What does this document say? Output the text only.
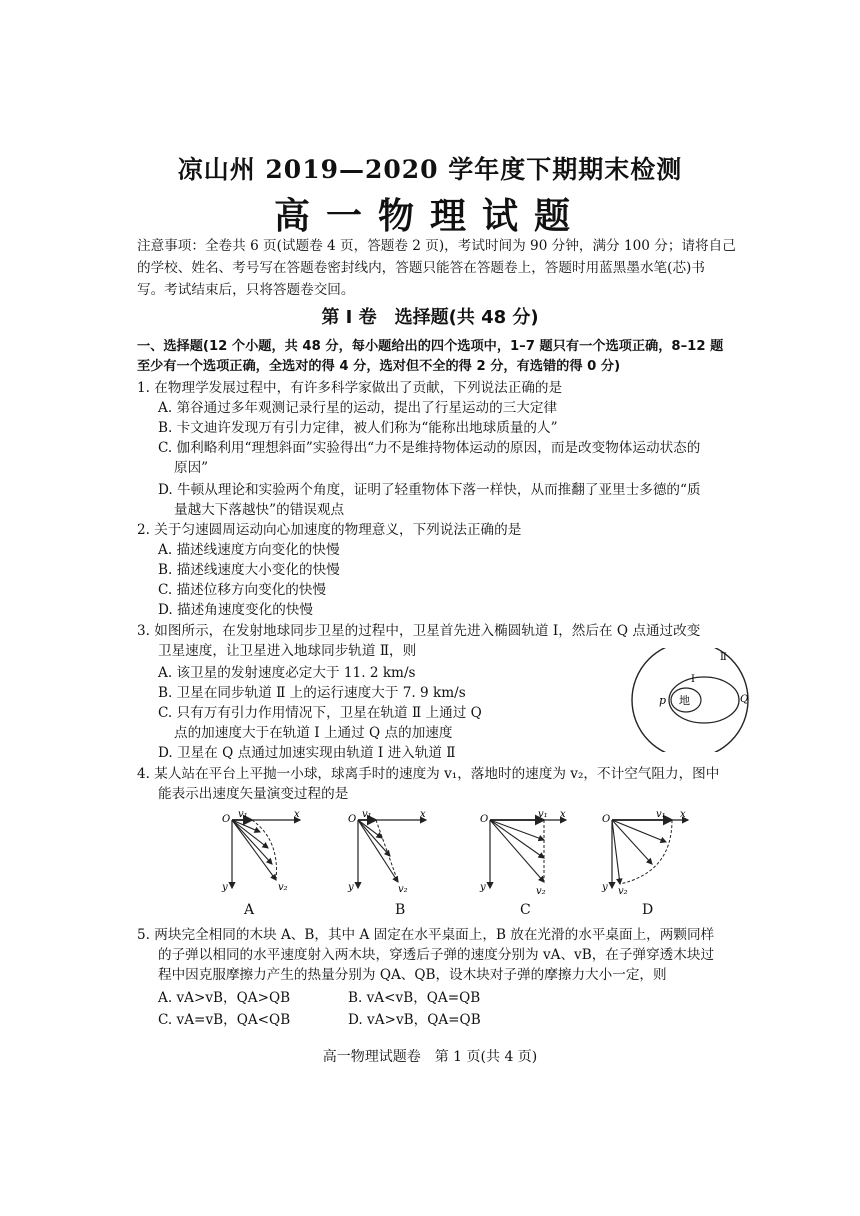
凉山州 2019—2020 学年度下期期末检测
高一物理试题
注意事项：全卷共 6 页(试题卷 4 页，答题卷 2 页)，考试时间为 90 分钟，满分 100 分；请将自己
的学校、姓名、考号写在答题卷密封线内，答题只能答在答题卷上，答题时用蓝黑墨水笔(芯)书
写。考试结束后，只将答题卷交回。
第 Ⅰ 卷　选择题(共 48 分)
一、选择题(12 个小题，共 48 分，每小题给出的四个选项中，1–7 题只有一个选项正确，8–12 题
至少有一个选项正确，全选对的得 4 分，选对但不全的得 2 分，有选错的得 0 分)
1. 在物理学发展过程中，有许多科学家做出了贡献，下列说法正确的是
A. 第谷通过多年观测记录行星的运动，提出了行星运动的三大定律
B. 卡文迪许发现万有引力定律，被人们称为“能称出地球质量的人”
C. 伽利略利用“理想斜面”实验得出“力不是维持物体运动的原因，而是改变物体运动状态的
原因”
D. 牛顿从理论和实验两个角度，证明了轻重物体下落一样快，从而推翻了亚里士多德的“质
量越大下落越快”的错误观点
2. 关于匀速圆周运动向心加速度的物理意义，下列说法正确的是
A. 描述线速度方向变化的快慢
B. 描述线速度大小变化的快慢
C. 描述位移方向变化的快慢
D. 描述角速度变化的快慢
3. 如图所示，在发射地球同步卫星的过程中，卫星首先进入椭圆轨道 I，然后在 Q 点通过改变
卫星速度，让卫星进入地球同步轨道 Ⅱ，则
A. 该卫星的发射速度必定大于 11. 2 km/s
B. 卫星在同步轨道 Ⅱ 上的运行速度大于 7. 9 km/s
C. 只有万有引力作用情况下，卫星在轨道 Ⅱ 上通过 Q
点的加速度大于在轨道 I 上通过 Q 点的加速度
D. 卫星在 Q 点通过加速实现由轨道 I 进入轨道 Ⅱ
地
I
Ⅱ
p	Q
4. 某人站在平台上平抛一小球，球离手时的速度为 v₁，落地时的速度为 v₂，不计空气阻力，图中
能表示出速度矢量演变过程的是
O v₁	x
y	v₂
O v₁	x
y	v₂
O	v₁ x
y	v₂
O	v₁ x
y v₂
A	B	C	D
5. 两块完全相同的木块 A、B，其中 A 固定在水平桌面上，B 放在光滑的水平桌面上，两颗同样
的子弹以相同的水平速度射入两木块，穿透后子弹的速度分别为 vA、vB，在子弹穿透木块过
程中因克服摩擦力产生的热量分别为 QA、QB，设木块对子弹的摩擦力大小一定，则
A. vA>vB，QA>QB	B. vA<vB，QA=QB
C. vA=vB，QA<QB	D. vA>vB，QA=QB
高一物理试题卷　第 1 页(共 4 页)
